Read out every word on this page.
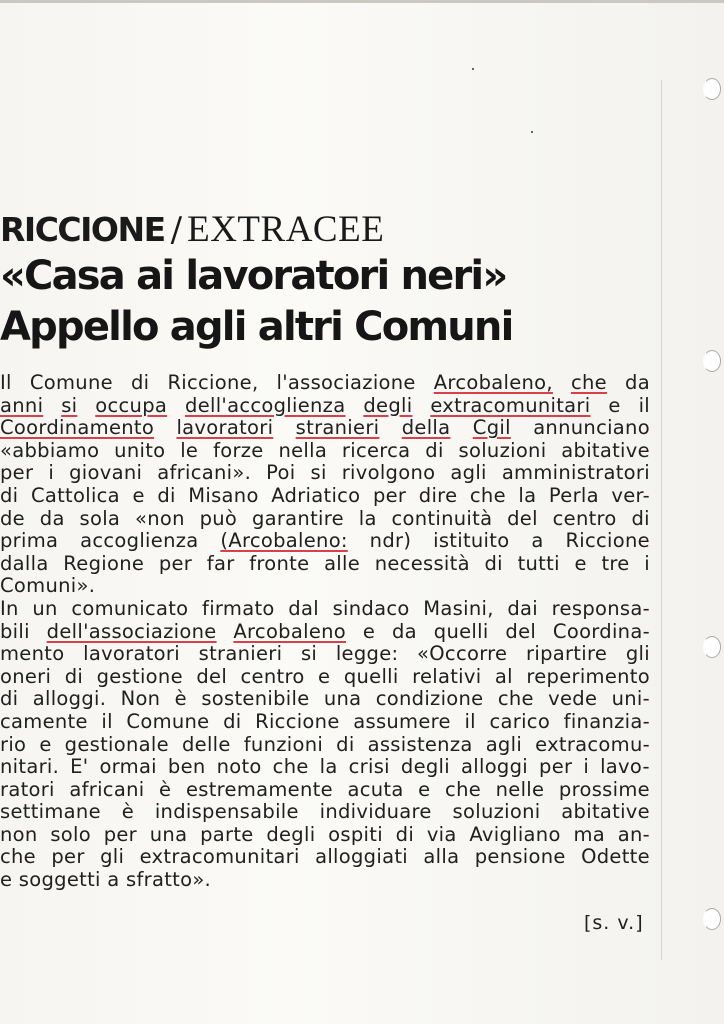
RICCIONE / EXTRACEE
«Casa ai lavoratori neri»
Appello agli altri Comuni
Il Comune di Riccione, l'associazione Arcobaleno, che da
anni si occupa dell'accoglienza degli extracomunitari e il
Coordinamento lavoratori stranieri della Cgil annunciano
«abbiamo unito le forze nella ricerca di soluzioni abitative
per i giovani africani». Poi si rivolgono agli amministratori
di Cattolica e di Misano Adriatico per dire che la Perla ver-
de da sola «non può garantire la continuità del centro di
prima accoglienza (Arcobaleno: ndr) istituito a Riccione
dalla Regione per far fronte alle necessità di tutti e tre i
Comuni».
In un comunicato firmato dal sindaco Masini, dai responsa-
bili dell'associazione Arcobaleno e da quelli del Coordina-
mento lavoratori stranieri si legge: «Occorre ripartire gli
oneri di gestione del centro e quelli relativi al reperimento
di alloggi. Non è sostenibile una condizione che vede uni-
camente il Comune di Riccione assumere il carico finanzia-
rio e gestionale delle funzioni di assistenza agli extracomu-
nitari. E' ormai ben noto che la crisi degli alloggi per i lavo-
ratori africani è estremamente acuta e che nelle prossime
settimane è indispensabile individuare soluzioni abitative
non solo per una parte degli ospiti di via Avigliano ma an-
che per gli extracomunitari alloggiati alla pensione Odette
e soggetti a sfratto».
[s. v.]
